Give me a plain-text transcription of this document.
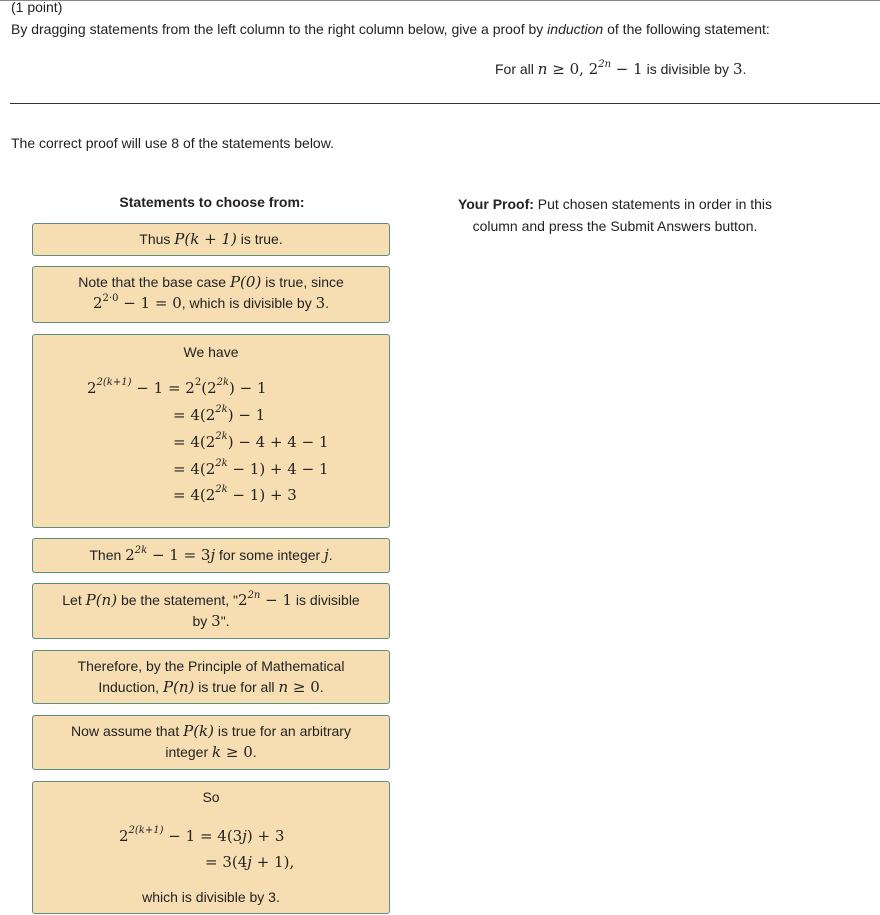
(1 point)
By dragging statements from the left column to the right column below, give a proof by induction of the following statement:
For all n ≥ 0, $2^{2n} - 1$ is divisible by 3.
The correct proof will use 8 of the statements below.
Statements to choose from:	Your Proof: Put chosen statements in order in this column and press the Submit Answers button.
Thus P(k + 1) is true.
Note that the base case P(0) is true, since
$2^{2\cdot 0} - 1 = 0$, which is divisible by 3.
We have
$2^{2(k+1)} - 1 = 2^2(2^{2k}) - 1$
= $4(2^{2k}) - 1$
= $4(2^{2k}) - 4 + 4 - 1$
= $4(2^{2k} - 1) + 4 - 1$
= $4(2^{2k} - 1) + 3$
Then $2^{2k} - 1 = 3j$ for some integer j.
Let P(n) be the statement, "$2^{2n} - 1$ is divisible
by 3".
Therefore, by the Principle of Mathematical
Induction, P(n) is true for all n ≥ 0.
Now assume that P(k) is true for an arbitrary
integer k ≥ 0.
So
$2^{2(k+1)} - 1 = 4(3j) + 3$
= 3(4j + 1),
which is divisible by 3.
